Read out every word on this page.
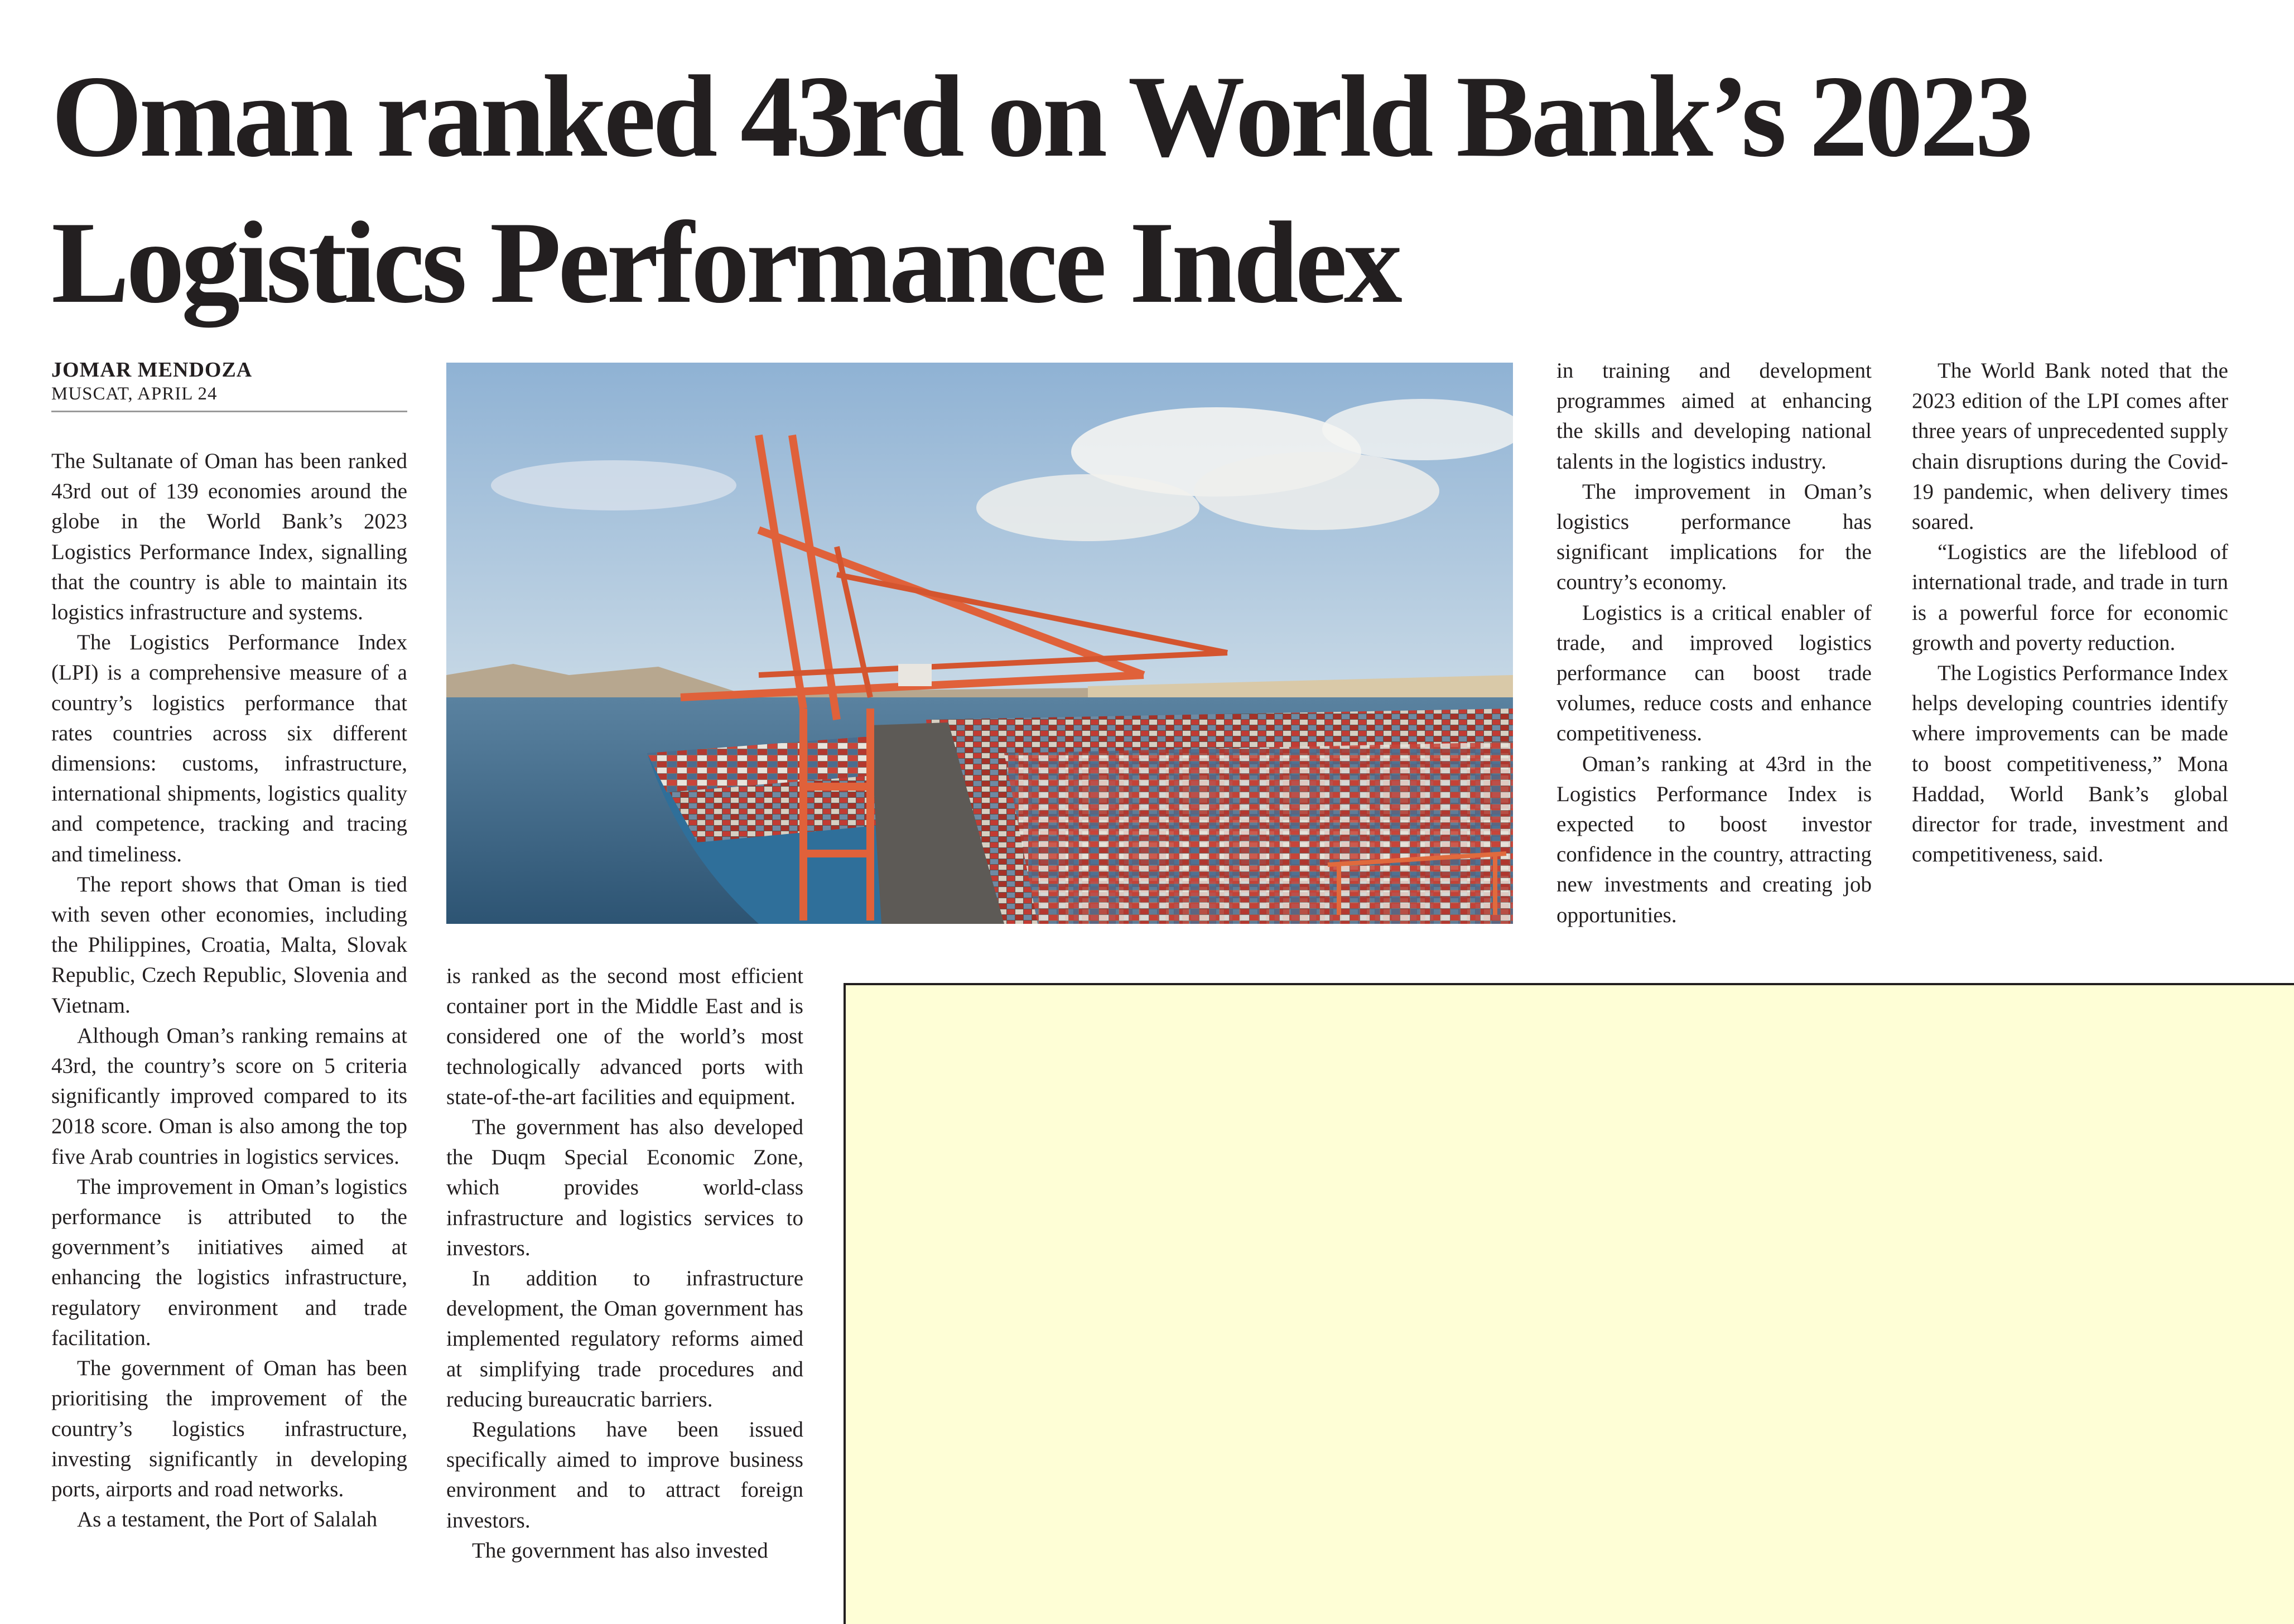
Oman ranked 43rd on World Bank’s 2023
Logistics Performance Index
JOMAR MENDOZA
MUSCAT, APRIL 24

The Sultanate of Oman has been ranked 43rd out of 139 economies around the globe in the World Bank’s 2023 Logistics Performance Index, signalling that the country is able to maintain its logistics infrastructure and systems.

The Logistics Performance Index (LPI) is a comprehensive measure of a country’s logistics performance that rates countries across six different dimensions: customs, infrastructure, international shipments, logistics quality and competence, tracking and tracing and timeliness.

The report shows that Oman is tied with seven other economies, including the Philippines, Croatia, Malta, Slovak Republic, Czech Republic, Slovenia and Vietnam.

Although Oman’s ranking remains at 43rd, the country’s score on 5 criteria significantly improved compared to its 2018 score. Oman is also among the top five Arab countries in logistics services.

The improvement in Oman’s logistics performance is attributed to the government’s initiatives aimed at enhancing the logistics infrastructure, regulatory environment and trade facilitation.

The government of Oman has been prioritising the improvement of the country’s logistics infrastructure, investing significantly in developing ports, airports and road networks.

As a testament, the Port of Salalah

is ranked as the second most efficient container port in the Middle East and is considered one of the world’s most technologically advanced ports with state-of-the-art facilities and equipment.

The government has also developed the Duqm Special Economic Zone, which provides world-class infrastructure and logistics services to investors.

In addition to infrastructure development, the Oman government has implemented regulatory reforms aimed at simplifying trade procedures and reducing bureaucratic barriers.

Regulations have been issued specifically aimed to improve business environment and to attract foreign investors.

The government has also invested

in training and development programmes aimed at enhancing the skills and developing national talents in the logistics industry.

The improvement in Oman’s logistics performance has significant implications for the country’s economy.

Logistics is a critical enabler of trade, and improved logistics performance can boost trade volumes, reduce costs and enhance competitiveness.

Oman’s ranking at 43rd in the Logistics Performance Index is expected to boost investor confidence in the country, attracting new investments and creating job opportunities.

The World Bank noted that the 2023 edition of the LPI comes after three years of unprecedented supply chain disruptions during the Covid-19 pandemic, when delivery times soared.

“Logistics are the lifeblood of international trade, and trade in turn is a powerful force for economic growth and poverty reduction.

The Logistics Performance Index helps developing countries identify where improvements can be made to boost competitiveness,” Mona Haddad, World Bank’s global director for trade, investment and competitiveness, said.
